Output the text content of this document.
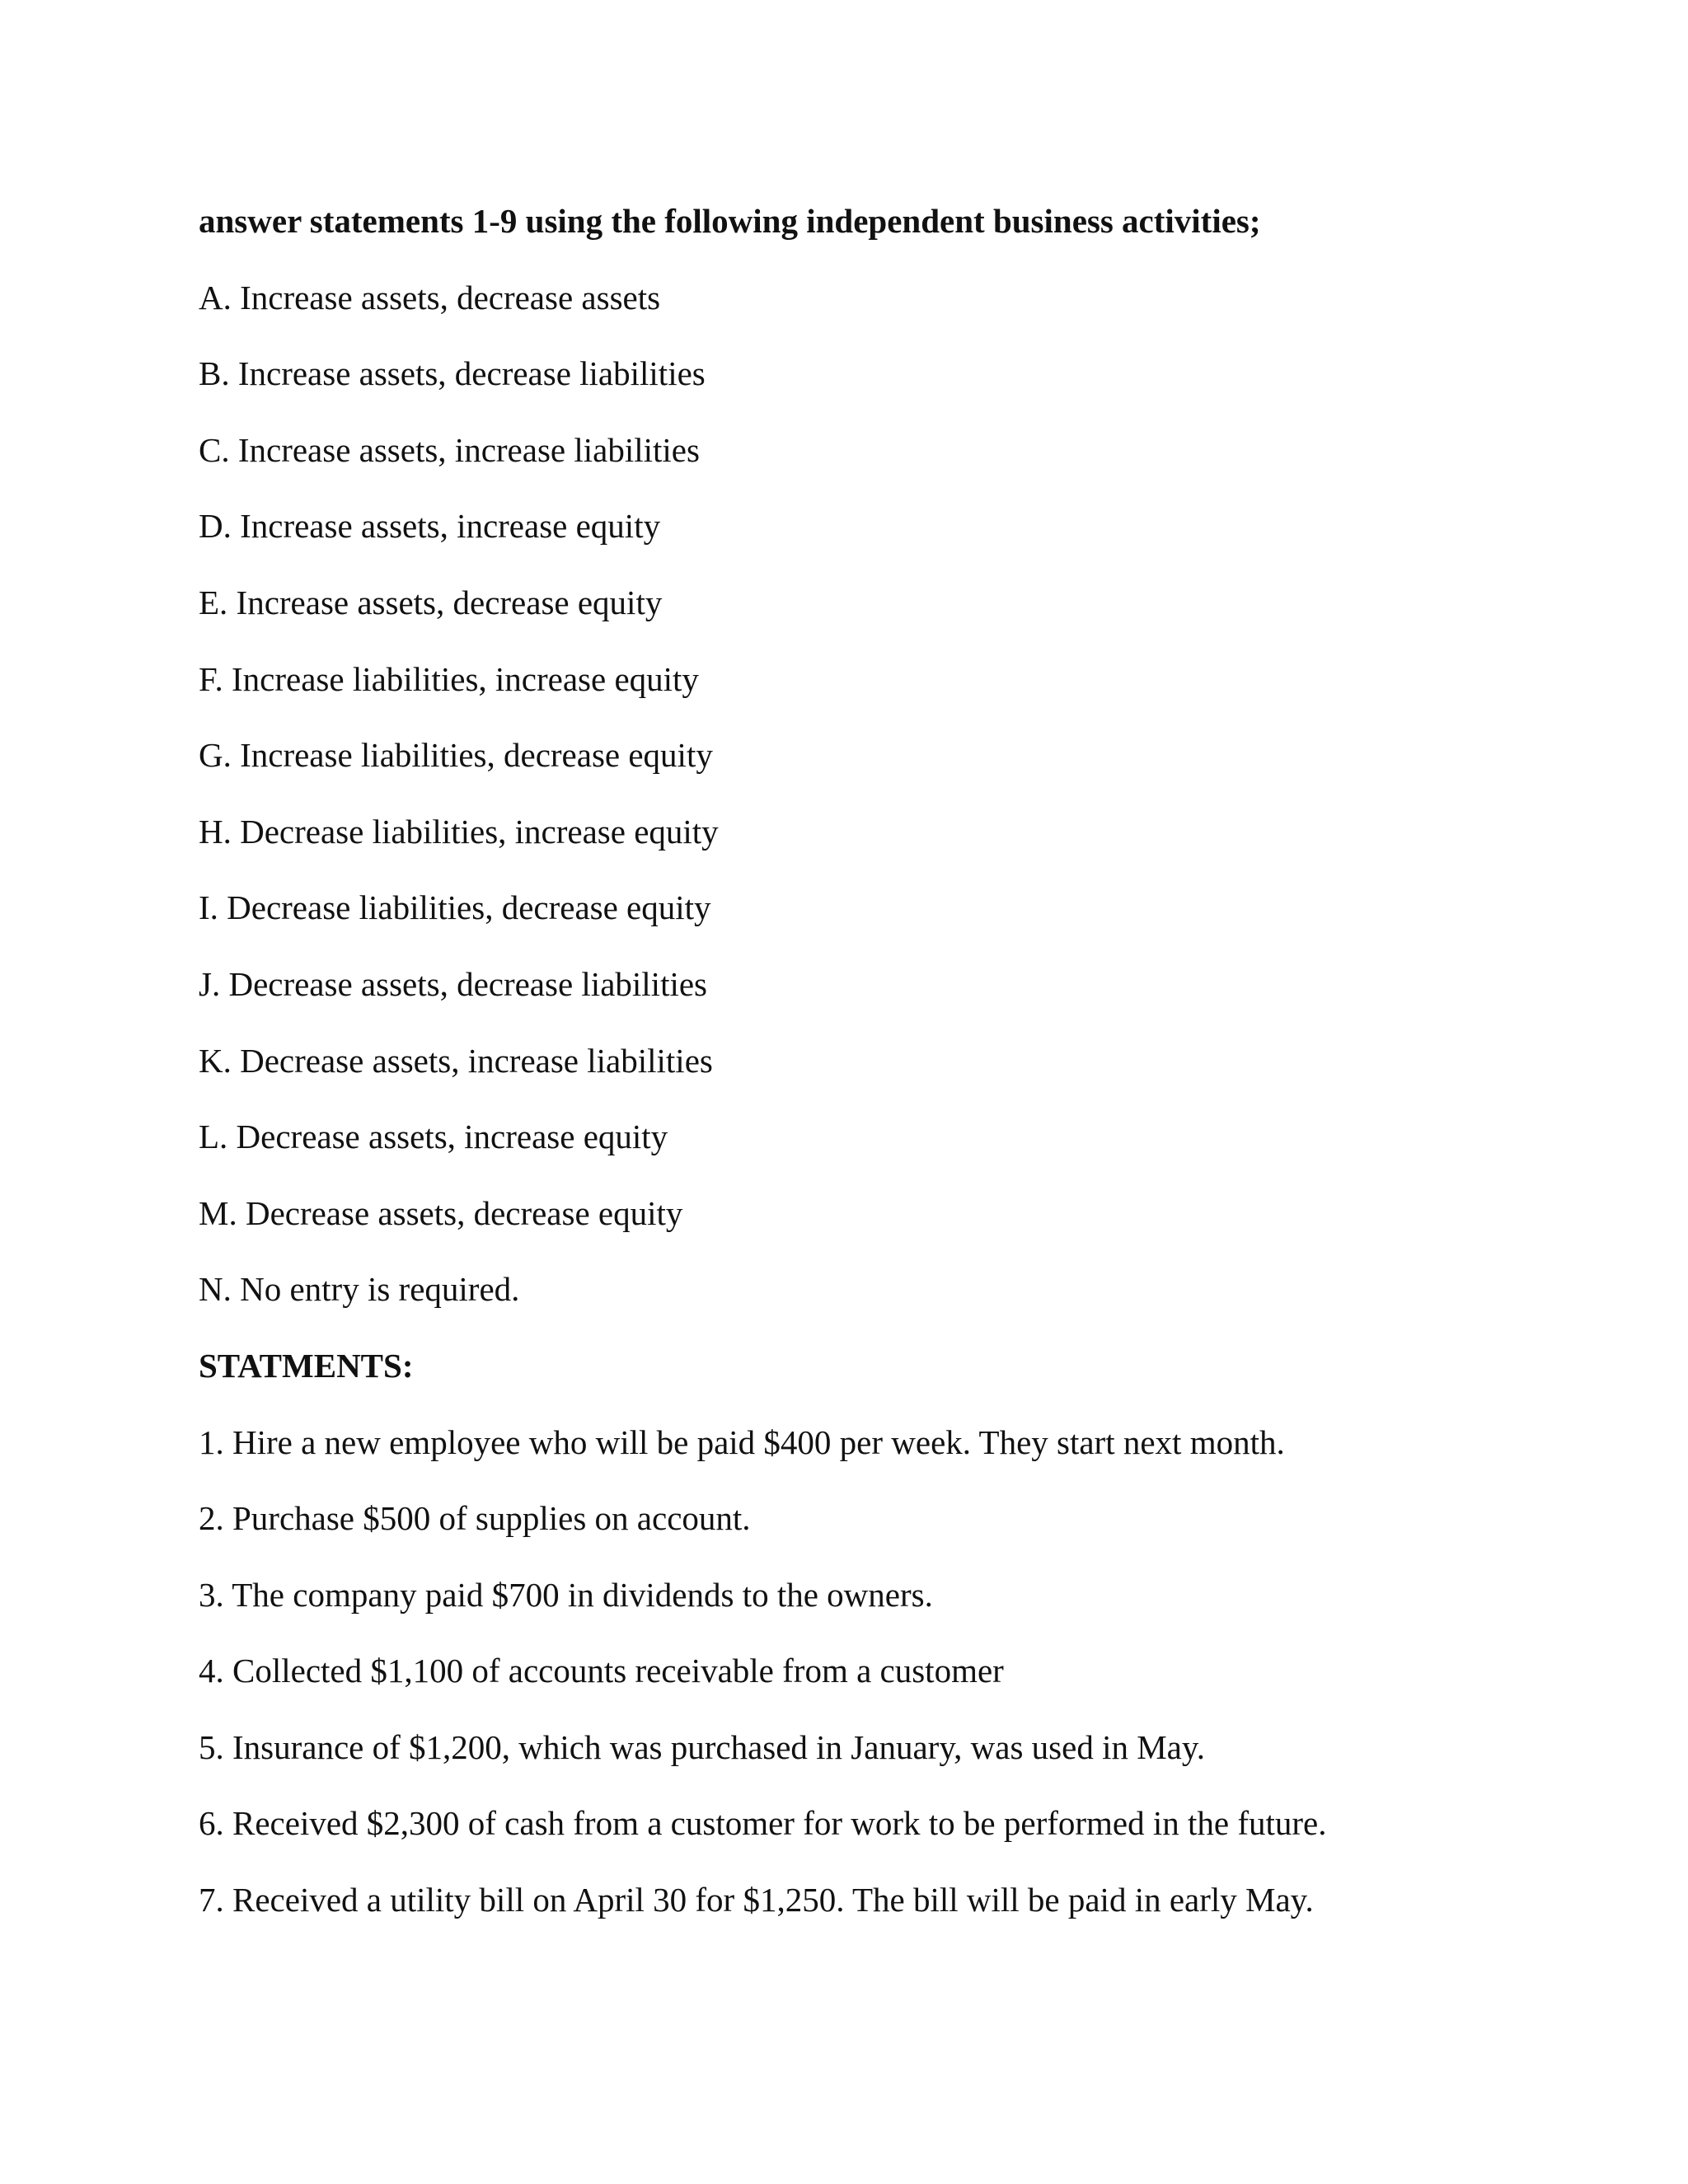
answer statements 1-9 using the following independent business activities;
A. Increase assets, decrease assets
B. Increase assets, decrease liabilities
C. Increase assets, increase liabilities
D. Increase assets, increase equity
E. Increase assets, decrease equity
F. Increase liabilities, increase equity
G. Increase liabilities, decrease equity
H. Decrease liabilities, increase equity
I. Decrease liabilities, decrease equity
J. Decrease assets, decrease liabilities
K. Decrease assets, increase liabilities
L. Decrease assets, increase equity
M. Decrease assets, decrease equity
N. No entry is required.
STATMENTS:
1. Hire a new employee who will be paid $400 per week. They start next month.
2. Purchase $500 of supplies on account.
3. The company paid $700 in dividends to the owners.
4. Collected $1,100 of accounts receivable from a customer
5. Insurance of $1,200, which was purchased in January, was used in May.
6. Received $2,300 of cash from a customer for work to be performed in the future.
7. Received a utility bill on April 30 for $1,250. The bill will be paid in early May.
